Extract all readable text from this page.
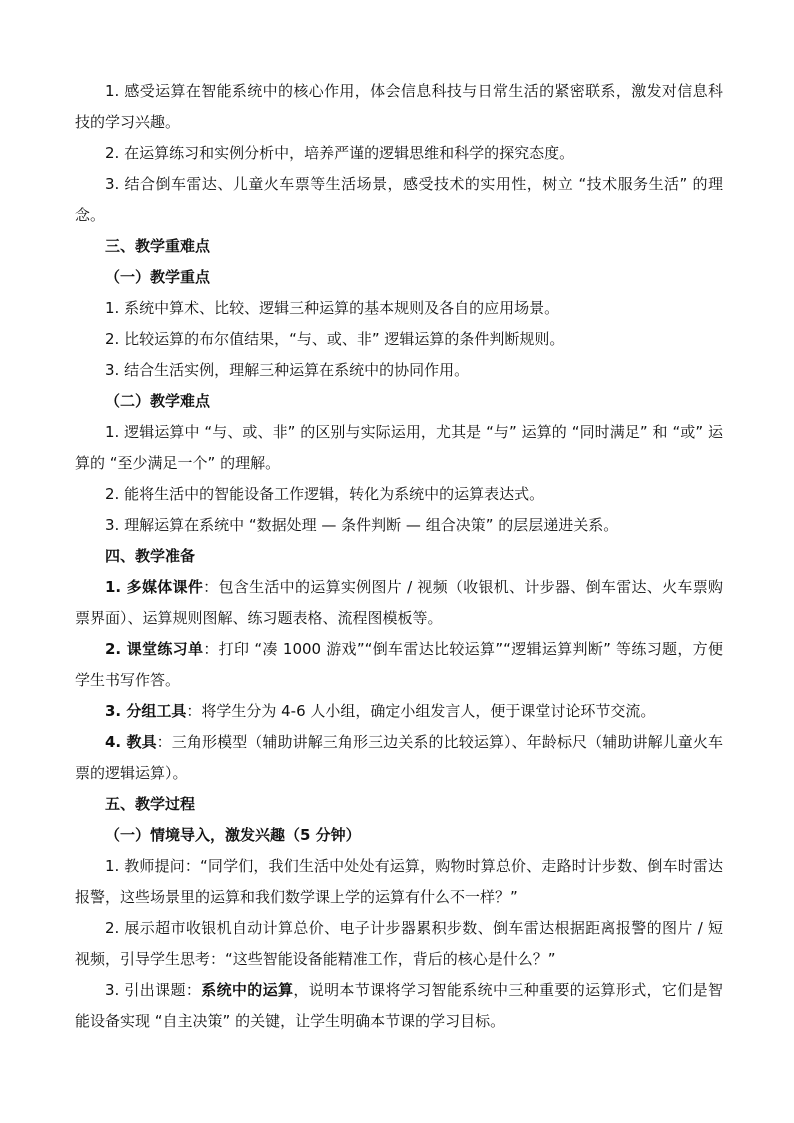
1. 感受运算在智能系统中的核心作用，体会信息科技与日常生活的紧密联系，激发对信息科技的学习兴趣。

2. 在运算练习和实例分析中，培养严谨的逻辑思维和科学的探究态度。

3. 结合倒车雷达、儿童火车票等生活场景，感受技术的实用性，树立 “技术服务生活” 的理念。

三、教学重难点

（一）教学重点

1. 系统中算术、比较、逻辑三种运算的基本规则及各自的应用场景。

2. 比较运算的布尔值结果，“与、或、非” 逻辑运算的条件判断规则。

3. 结合生活实例，理解三种运算在系统中的协同作用。

（二）教学难点

1. 逻辑运算中 “与、或、非” 的区别与实际运用，尤其是 “与” 运算的 “同时满足” 和 “或” 运算的 “至少满足一个” 的理解。

2. 能将生活中的智能设备工作逻辑，转化为系统中的运算表达式。

3. 理解运算在系统中 “数据处理 — 条件判断 — 组合决策” 的层层递进关系。

四、教学准备

1. 多媒体课件：包含生活中的运算实例图片 / 视频（收银机、计步器、倒车雷达、火车票购票界面）、运算规则图解、练习题表格、流程图模板等。

2. 课堂练习单：打印 “凑 1000 游戏”“倒车雷达比较运算”“逻辑运算判断” 等练习题，方便学生书写作答。

3. 分组工具：将学生分为 4-6 人小组，确定小组发言人，便于课堂讨论环节交流。

4. 教具：三角形模型（辅助讲解三角形三边关系的比较运算）、年龄标尺（辅助讲解儿童火车票的逻辑运算）。

五、教学过程

（一）情境导入，激发兴趣（5 分钟）

1. 教师提问：“同学们，我们生活中处处有运算，购物时算总价、走路时计步数、倒车时雷达报警，这些场景里的运算和我们数学课上学的运算有什么不一样？”

2. 展示超市收银机自动计算总价、电子计步器累积步数、倒车雷达根据距离报警的图片 / 短视频，引导学生思考：“这些智能设备能精准工作，背后的核心是什么？”

3. 引出课题：系统中的运算，说明本节课将学习智能系统中三种重要的运算形式，它们是智能设备实现 “自主决策” 的关键，让学生明确本节课的学习目标。
